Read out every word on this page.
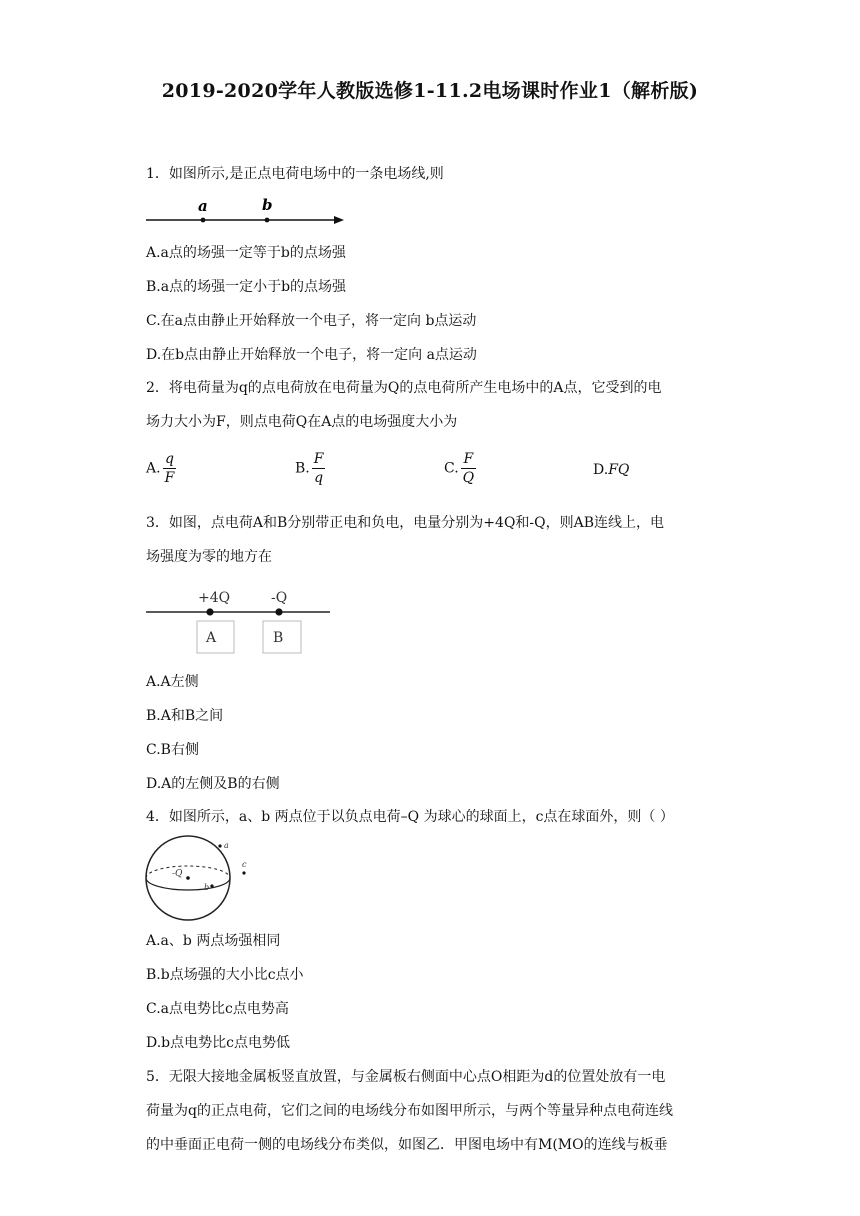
2019-2020学年人教版选修1-11.2电场课时作业1（解析版)
1．如图所示,是正点电荷电场中的一条电场线,则
a	b
A.a点的场强一定等于b的点场强
B.a点的场强一定小于b的点场强
C.在a点由静止开始释放一个电子，将一定向 b点运动
D.在b点由静止开始释放一个电子，将一定向 a点运动
2．将电荷量为q的点电荷放在电荷量为Q的点电荷所产生电场中的A点，它受到的电
场力大小为F，则点电荷Q在A点的电场强度大小为
A. $\frac{q}{F}$	B. $\frac{F}{q}$	C. $\frac{F}{Q}$	D.FQ
3．如图，点电荷A和B分别带正电和负电，电量分别为+4Q和-Q，则AB连线上，电
场强度为零的地方在
+4Q	-Q
A	B
A.A左侧
B.A和B之间
C.B右侧
D.A的左侧及B的右侧
4．如图所示，a、b 两点位于以负点电荷–Q 为球心的球面上，c点在球面外，则（ ）
a
-Q
b
c
A.a、b 两点场强相同
B.b点场强的大小比c点小
C.a点电势比c点电势高
D.b点电势比c点电势低
5．无限大接地金属板竖直放置，与金属板右侧面中心点O相距为d的位置处放有一电
荷量为q的正点电荷，它们之间的电场线分布如图甲所示，与两个等量异种点电荷连线
的中垂面正电荷一侧的电场线分布类似，如图乙．甲图电场中有M(MO的连线与板垂
